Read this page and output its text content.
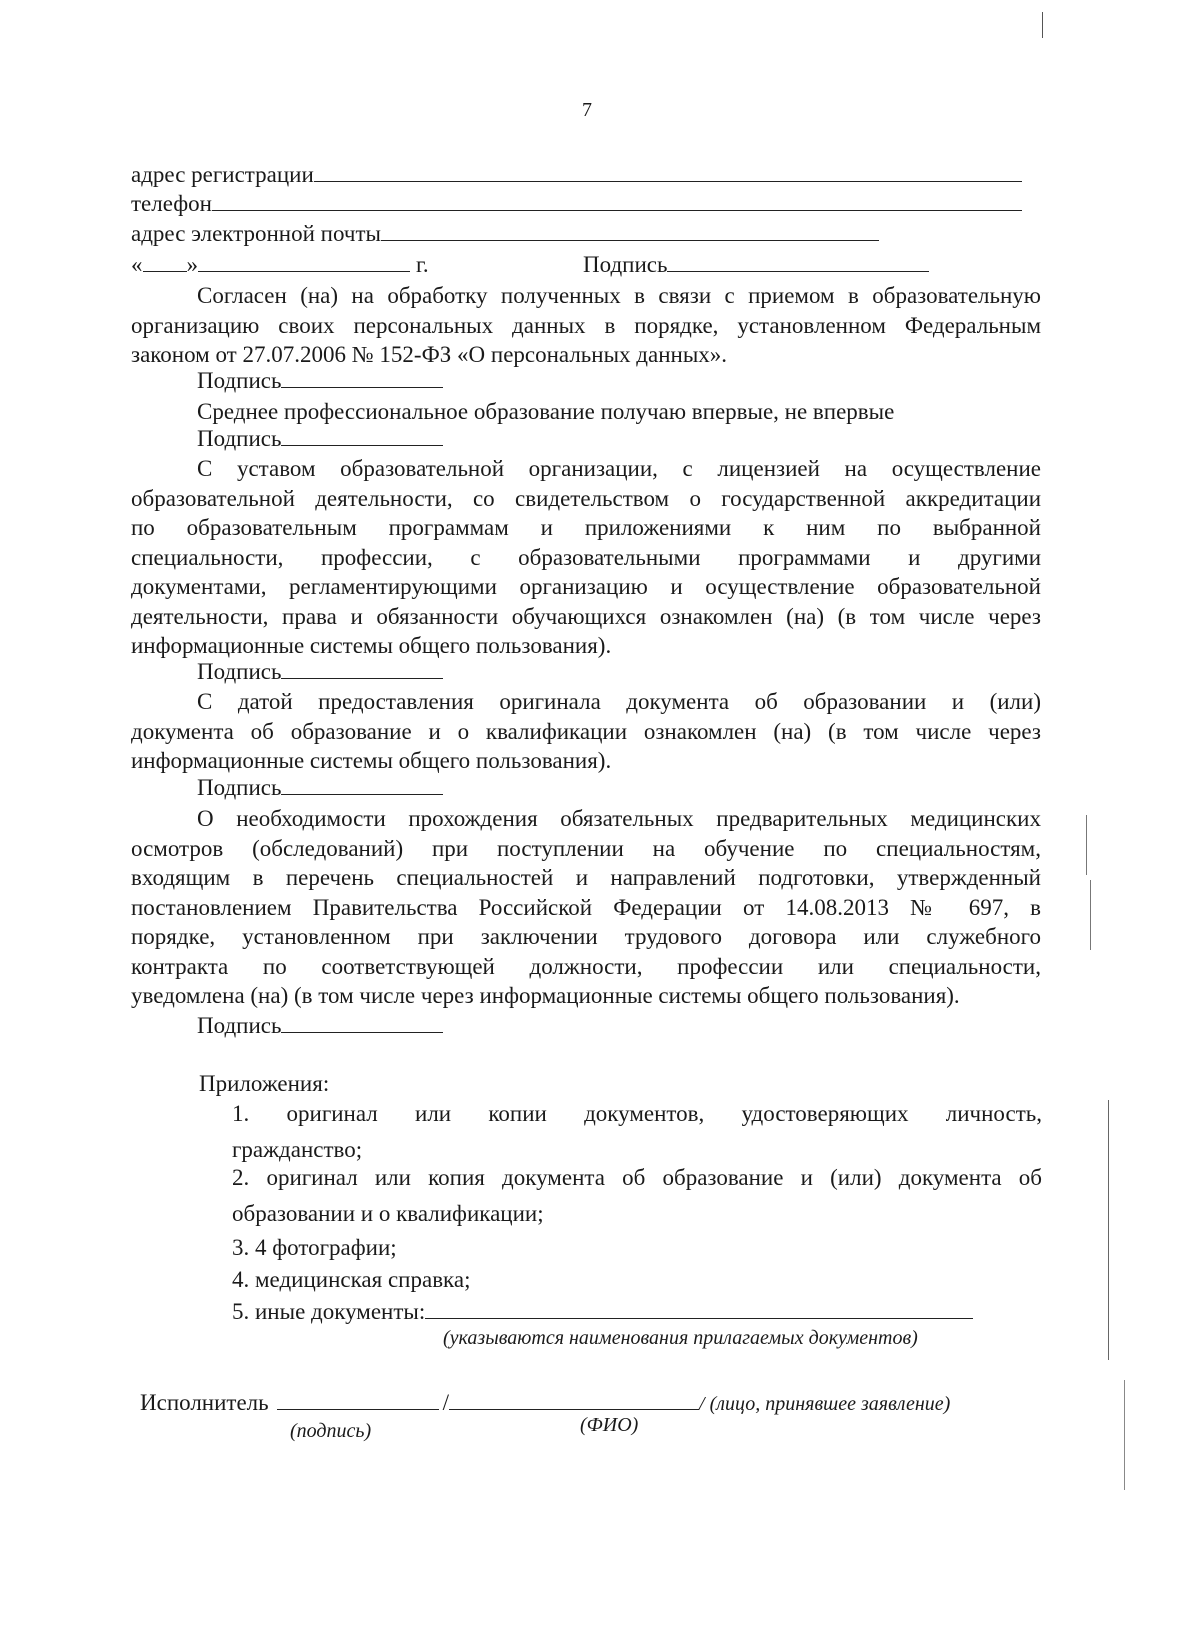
7
адрес регистрации
телефон
адрес электронной почты
« »	г.	Подпись
Согласен (на) на обработку полученных в связи с приемом в образовательную
организацию своих персональных данных в порядке, установленном Федеральным
законом от 27.07.2006 № 152-ФЗ «О персональных данных».
Подпись
Среднее профессиональное образование получаю впервые, не впервые
Подпись
С уставом образовательной организации, с лицензией на осуществление
образовательной деятельности, со свидетельством о государственной аккредитации
по образовательным программам и приложениями к ним по выбранной
специальности, профессии, с образовательными программами и другими
документами, регламентирующими организацию и осуществление образовательной
деятельности, права и обязанности обучающихся ознакомлен (на) (в том числе через
информационные системы общего пользования).
Подпись
С датой предоставления оригинала документа об образовании и (или)
документа об образование и о квалификации ознакомлен (на) (в том числе через
информационные системы общего пользования).
Подпись
О необходимости прохождения обязательных предварительных медицинских
осмотров (обследований) при поступлении на обучение по специальностям,
входящим в перечень специальностей и направлений подготовки, утвержденный
постановлением Правительства Российской Федерации от 14.08.2013 № 697, в
порядке, установленном при заключении трудового договора или служебного
контракта по соответствующей должности, профессии или специальности,
уведомлена (на) (в том числе через информационные системы общего пользования).
Подпись
Приложения:
1. оригинал или копии документов, удостоверяющих личность,
гражданство;
2. оригинал или копия документа об образование и (или) документа об
образовании и о квалификации;
3. 4 фотографии;
4. медицинская справка;
5. иные документы:
(указываются наименования прилагаемых документов)
Исполнитель	/	/ (лицо, принявшее заявление)
(подпись)	(ФИО)
